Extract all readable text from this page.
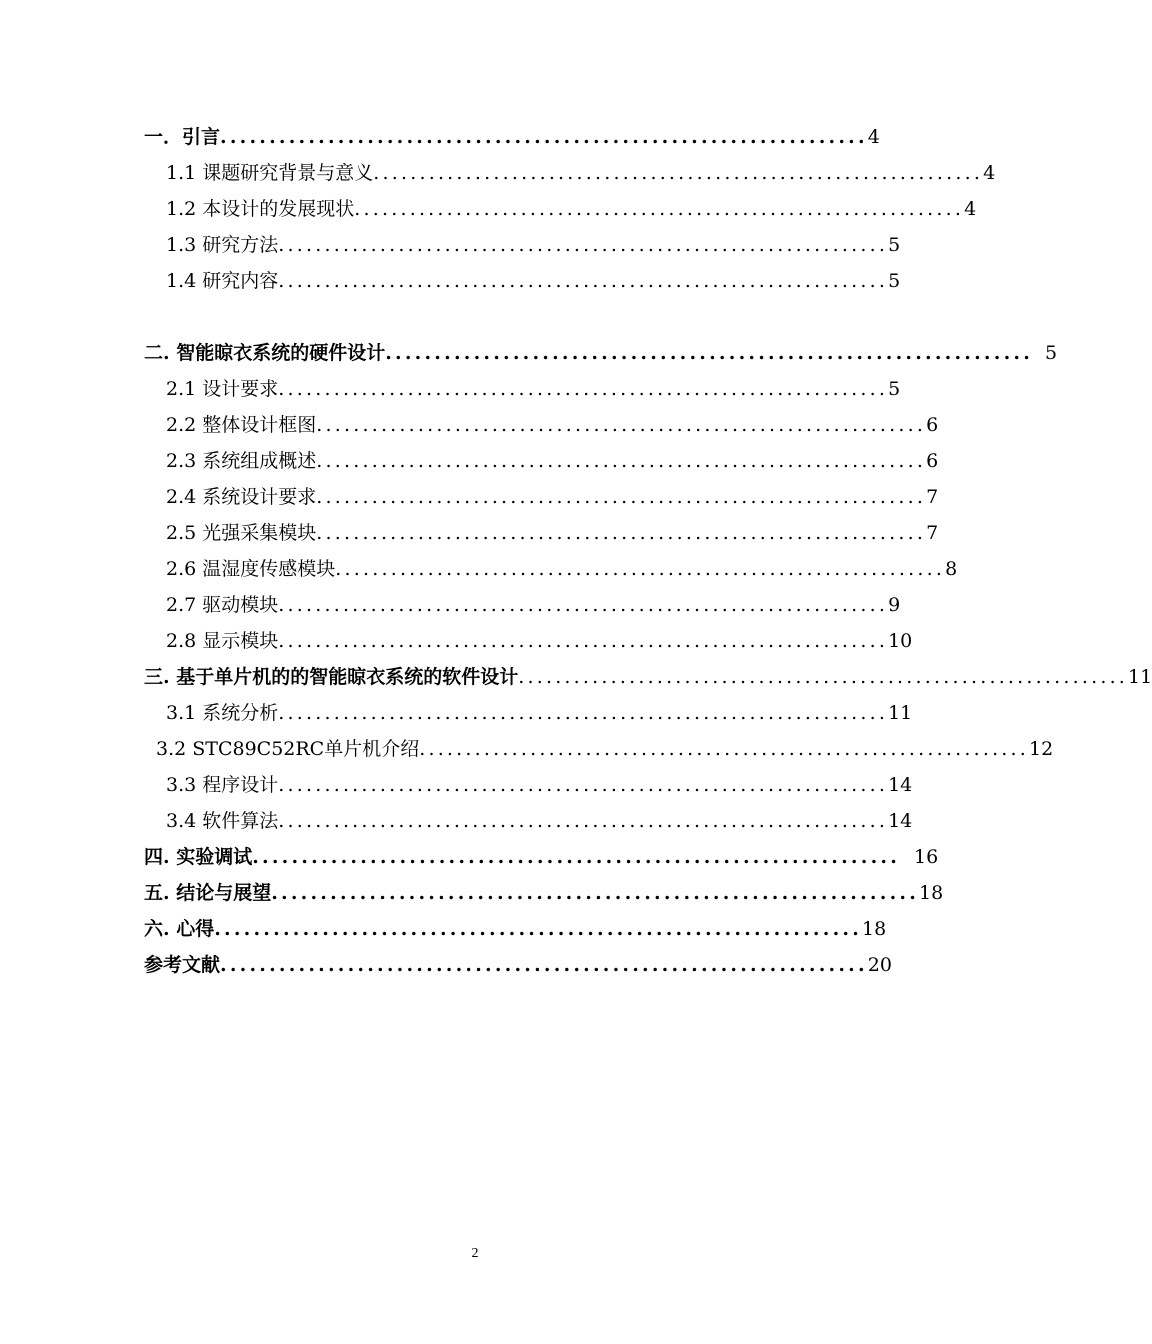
一．引言 .................................................................. 4
1.1 课题研究背景与意义 .................................................................. 4
1.2 本设计的发展现状 .................................................................. 4
1.3 研究方法 .................................................................. 5
1.4 研究内容 .................................................................. 5
二. 智能晾衣系统的硬件设计 .................................................................. 5
2.1 设计要求 .................................................................. 5
2.2 整体设计框图 .................................................................. 6
2.3 系统组成概述 .................................................................. 6
2.4 系统设计要求 .................................................................. 7
2.5 光强采集模块 .................................................................. 7
2.6 温湿度传感模块 .................................................................. 8
2.7 驱动模块 .................................................................. 9
2.8 显示模块 .................................................................. 10
三. 基于单片机的的智能晾衣系统的软件设计 .................................................................. 11
3.1 系统分析 .................................................................. 11
3.2 STC89C52RC单片机介绍 .................................................................. 12
3.3 程序设计 .................................................................. 14
3.4 软件算法 .................................................................. 14
四. 实验调试 .................................................................. 16
五. 结论与展望 .................................................................. 18
六. 心得 .................................................................. 18
参考文献 .................................................................. 20
2
